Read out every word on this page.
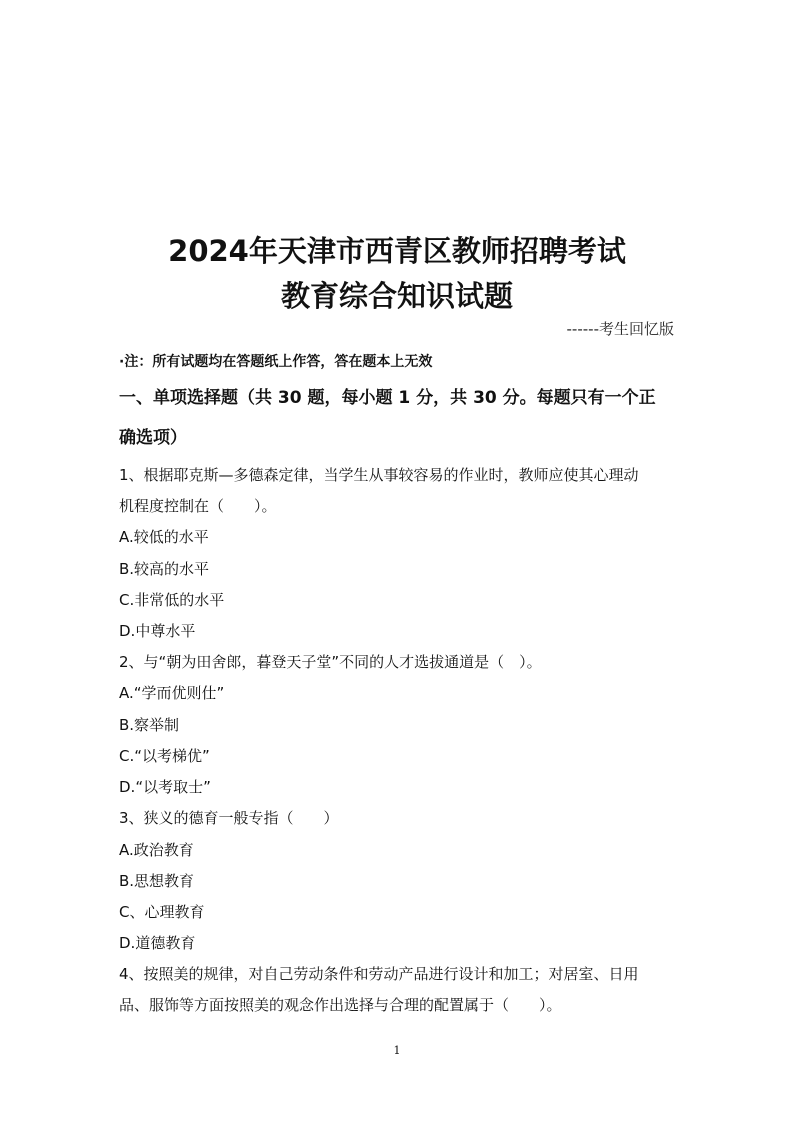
2024年天津市西青区教师招聘考试
教育综合知识试题
------考生回忆版
·注：所有试题均在答题纸上作答，答在题本上无效
一、单项选择题（共 30 题，每小题 1 分，共 30 分。每题只有一个正
确选项）
1、根据耶克斯—多德森定律，当学生从事较容易的作业时，教师应使其心理动
机程度控制在（　　）。
A.较低的水平
B.较高的水平
C.非常低的水平
D.中尊水平
2、与“朝为田舍郎，暮登天子堂”不同的人才选拔通道是（　）。
A.“学而优则仕”
B.察举制
C.“以考梯优”
D.“以考取士”
3、狭义的德育一般专指（　　）
A.政治教育
B.思想教育
C、心理教育
D.道德教育
4、按照美的规律，对自己劳动条件和劳动产品进行设计和加工；对居室、日用
品、服饰等方面按照美的观念作出选择与合理的配置属于（　　）。
1
